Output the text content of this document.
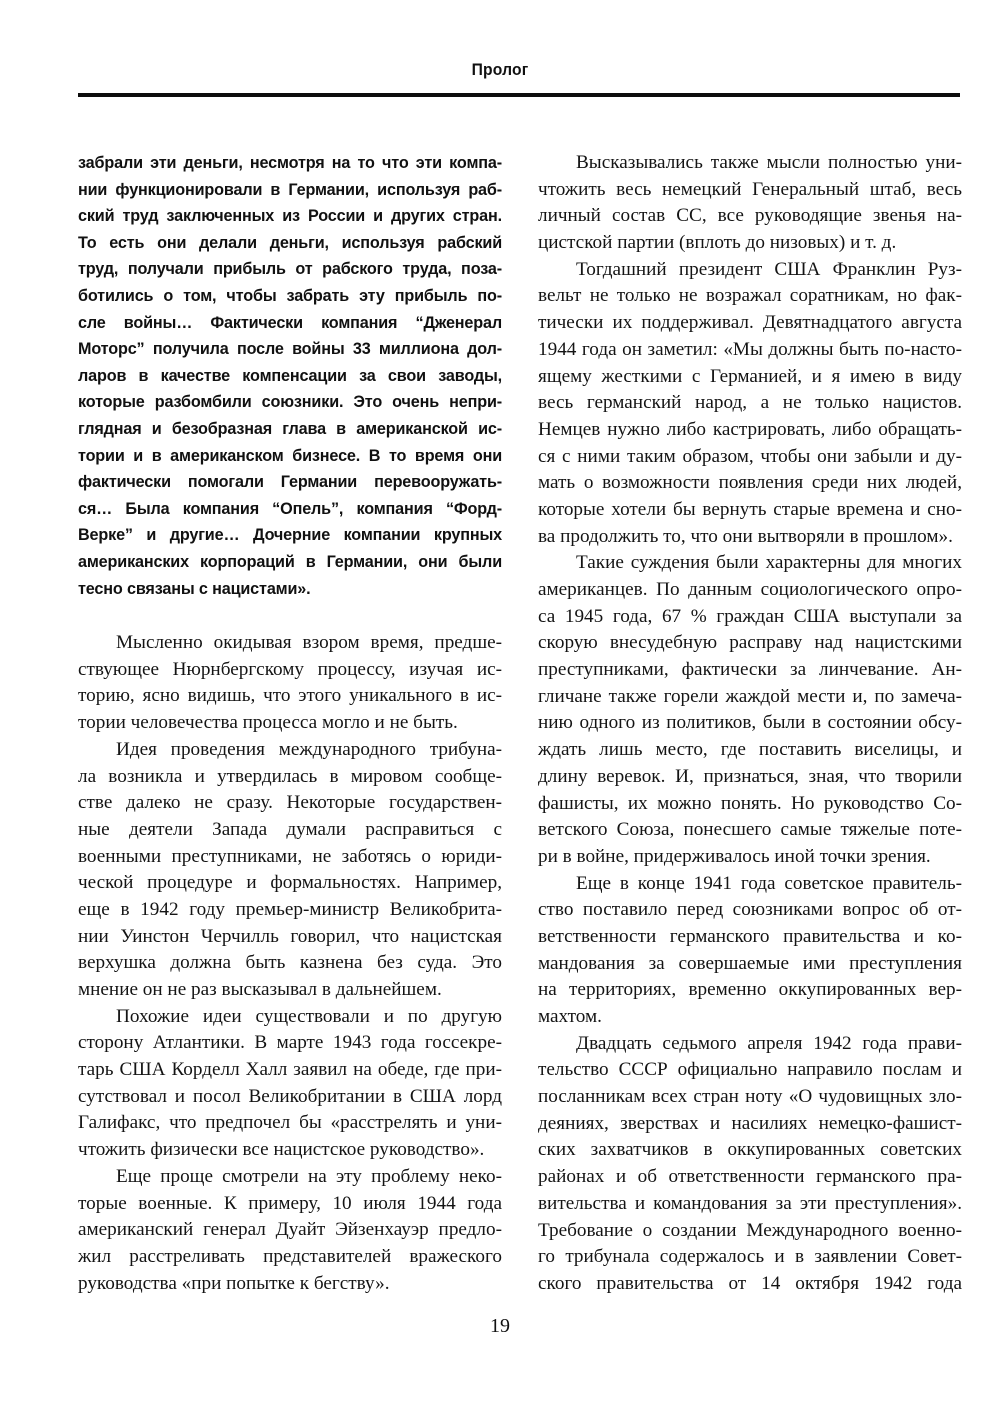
Пролог
забрали эти деньги, несмотря на то что эти компа-
нии функционировали в Германии, используя раб-
ский труд заключенных из России и других стран.
То есть они делали деньги, используя рабский
труд, получали прибыль от рабского труда, поза-
ботились о том, чтобы забрать эту прибыль по-
сле войны… Фактически компания “Дженерал
Моторс” получила после войны 33 миллиона дол-
ларов в качестве компенсации за свои заводы,
которые разбомбили союзники. Это очень непри-
глядная и безобразная глава в американской ис-
тории и в американском бизнесе. В то время они
фактически помогали Германии перевооружать-
ся… Была компания “Опель”, компания “Форд-
Верке” и другие… Дочерние компании крупных
американских корпораций в Германии, они были
тесно связаны с нацистами».
Мысленно окидывая взором время, предше-
ствующее Нюрнбергскому процессу, изучая ис-
торию, ясно видишь, что этого уникального в ис-
тории человечества процесса могло и не быть.
Идея проведения международного трибуна-
ла возникла и утвердилась в мировом сообще-
стве далеко не сразу. Некоторые государствен-
ные деятели Запада думали расправиться с
военными преступниками, не заботясь о юриди-
ческой процедуре и формальностях. Например,
еще в 1942 году премьер-министр Великобрита-
нии Уинстон Черчилль говорил, что нацистская
верхушка должна быть казнена без суда. Это
мнение он не раз высказывал в дальнейшем.
Похожие идеи существовали и по другую
сторону Атлантики. В марте 1943 года госсекре-
тарь США Корделл Халл заявил на обеде, где при-
сутствовал и посол Великобритании в США лорд
Галифакс, что предпочел бы «расстрелять и уни-
чтожить физически все нацистское руководство».
Еще проще смотрели на эту проблему неко-
торые военные. К примеру, 10 июля 1944 года
американский генерал Дуайт Эйзенхауэр предло-
жил расстреливать представителей вражеского
руководства «при попытке к бегству».
Высказывались также мысли полностью уни-
чтожить весь немецкий Генеральный штаб, весь
личный состав СС, все руководящие звенья на-
цистской партии (вплоть до низовых) и т. д.
Тогдашний президент США Франклин Руз-
вельт не только не возражал соратникам, но фак-
тически их поддерживал. Девятнадцатого августа
1944 года он заметил: «Мы должны быть по-насто-
ящему жесткими с Германией, и я имею в виду
весь германский народ, а не только нацистов.
Немцев нужно либо кастрировать, либо обращать-
ся с ними таким образом, чтобы они забыли и ду-
мать о возможности появления среди них людей,
которые хотели бы вернуть старые времена и сно-
ва продолжить то, что они вытворяли в прошлом».
Такие суждения были характерны для многих
американцев. По данным социологического опро-
са 1945 года, 67 % граждан США выступали за
скорую внесудебную расправу над нацистскими
преступниками, фактически за линчевание. Ан-
гличане также горели жаждой мести и, по замеча-
нию одного из политиков, были в состоянии обсу-
ждать лишь место, где поставить виселицы, и
длину веревок. И, признаться, зная, что творили
фашисты, их можно понять. Но руководство Со-
ветского Союза, понесшего самые тяжелые поте-
ри в войне, придерживалось иной точки зрения.
Еще в конце 1941 года советское правитель-
ство поставило перед союзниками вопрос об от-
ветственности германского правительства и ко-
мандования за совершаемые ими преступления
на территориях, временно оккупированных вер-
махтом.
Двадцать седьмого апреля 1942 года прави-
тельство СССР официально направило послам и
посланникам всех стран ноту «О чудовищных зло-
деяниях, зверствах и насилиях немецко-фашист-
ских захватчиков в оккупированных советских
районах и об ответственности германского пра-
вительства и командования за эти преступления».
Требование о создании Международного военно-
го трибунала содержалось и в заявлении Совет-
ского правительства от 14 октября 1942 года
19
